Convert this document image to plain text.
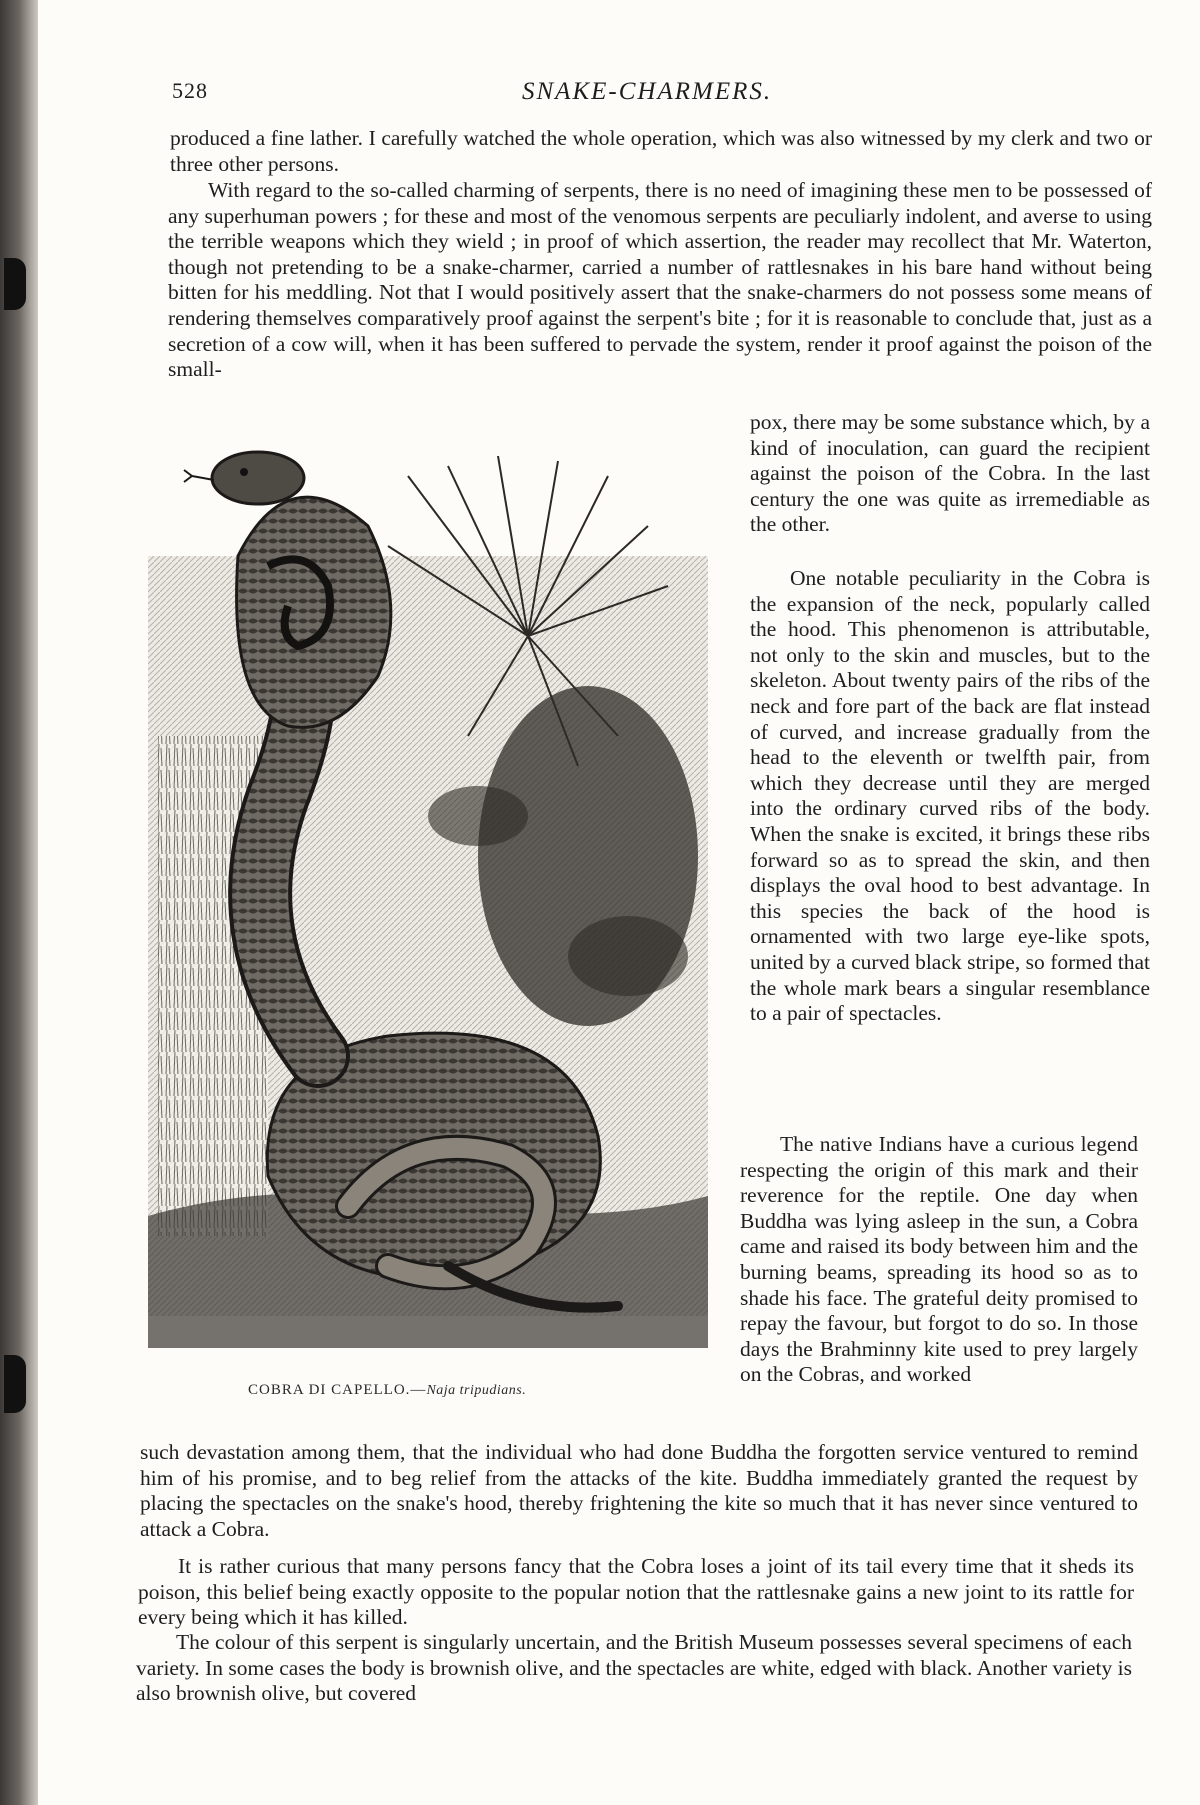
528	SNAKE-CHARMERS.

produced a fine lather. I carefully watched the whole operation, which was also witnessed by my clerk and two or three other persons.

With regard to the so-called charming of serpents, there is no need of imagining these men to be possessed of any superhuman powers ; for these and most of the venomous serpents are peculiarly indolent, and averse to using the terrible weapons which they wield ; in proof of which assertion, the reader may recollect that Mr. Waterton, though not pretending to be a snake-charmer, carried a number of rattlesnakes in his bare hand without being bitten for his meddling. Not that I would positively assert that the snake-charmers do not possess some means of rendering themselves comparatively proof against the serpent's bite ; for it is reasonable to conclude that, just as a secretion of a cow will, when it has been suffered to pervade the system, render it proof against the poison of the small-

pox, there may be some substance which, by a kind of inoculation, can guard the recipient against the poison of the Cobra. In the last century the one was quite as irremediable as the other.

One notable peculiarity in the Cobra is the expansion of the neck, popularly called the hood. This phenomenon is attributable, not only to the skin and muscles, but to the skeleton. About twenty pairs of the ribs of the neck and fore part of the back are flat instead of curved, and increase gradually from the head to the eleventh or twelfth pair, from which they decrease until they are merged into the ordinary curved ribs of the body. When the snake is excited, it brings these ribs forward so as to spread the skin, and then displays the oval hood to best advantage. In this species the back of the hood is ornamented with two large eye-like spots, united by a curved black stripe, so formed that the whole mark bears a singular resemblance to a pair of spectacles.

The native Indians have a curious legend respecting the origin of this mark and their reverence for the reptile. One day when Buddha was lying asleep in the sun, a Cobra came and raised its body between him and the burning beams, spreading its hood so as to shade his face. The grateful deity promised to repay the favour, but forgot to do so. In those days the Brahminny kite used to prey largely on the Cobras, and worked

such devastation among them, that the individual who had done Buddha the forgotten service ventured to remind him of his promise, and to beg relief from the attacks of the kite. Buddha immediately granted the request by placing the spectacles on the snake's hood, thereby frightening the kite so much that it has never since ventured to attack a Cobra.

It is rather curious that many persons fancy that the Cobra loses a joint of its tail every time that it sheds its poison, this belief being exactly opposite to the popular notion that the rattlesnake gains a new joint to its rattle for every being which it has killed.

The colour of this serpent is singularly uncertain, and the British Museum possesses several specimens of each variety. In some cases the body is brownish olive, and the spectacles are white, edged with black. Another variety is also brownish olive, but covered

COBRA DI CAPELLO.—Naja tripudians.
